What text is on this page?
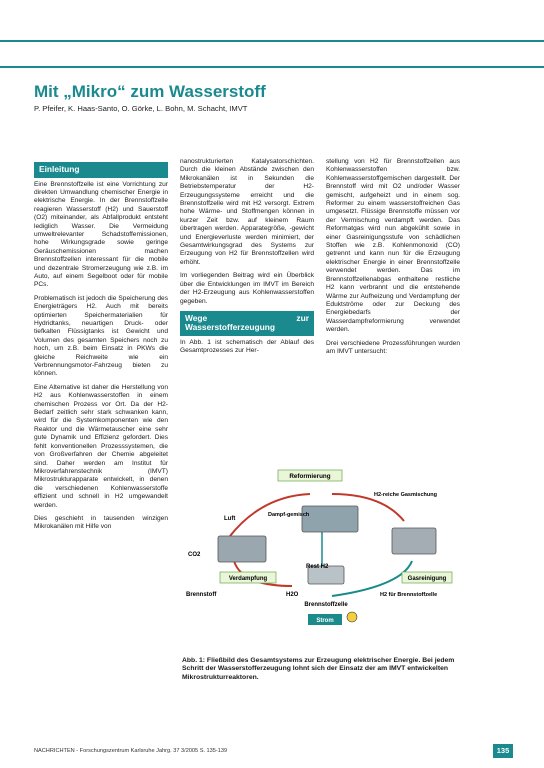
Mit „Mikro“ zum Wasserstoff
P. Pfeifer, K. Haas-Santo, O. Görke, L. Bohn, M. Schacht, IMVT
Einleitung

Eine Brennstoffzelle ist eine Vorrichtung zur direkten Umwandlung chemischer Energie in elektrische Energie. In der Brennstoffzelle reagieren Wasserstoff (H2) und Sauerstoff (O2) miteinander, als Abfallprodukt entsteht lediglich Wasser. Die Vermeidung umweltrelevanter Schadstoffemissionen, hohe Wirkungsgrade sowie geringe Geräuschemissionen machen Brennstoffzellen interessant für die mobile und dezentrale Stromerzeugung wie z.B. im Auto, auf einem Segelboot oder für mobile PCs.

Problematisch ist jedoch die Speicherung des Energieträgers H2. Auch mit bereits optimierten Speichermaterialien für Hydridtanks, neuartigen Druck- oder tiefkalten Flüssigtanks ist Gewicht und Volumen des gesamten Speichers noch zu hoch, um z.B. beim Einsatz in PKWs die gleiche Reichweite wie ein Verbrennungsmotor-Fahrzeug bieten zu können.

Eine Alternative ist daher die Herstellung von H2 aus Kohlenwasserstoffen in einem chemischen Prozess vor Ort. Da der H2-Bedarf zeitlich sehr stark schwanken kann, wird für die Systemkomponenten wie den Reaktor und die Wärmetauscher eine sehr gute Dynamik und Effizienz gefordert. Dies fehlt konventionellen Prozesssystemen, die von Großverfahren der Chemie abgeleitet sind. Daher werden am Institut für Mikroverfahrenstechnik (IMVT) Mikrostrukturapparate entwickelt, in denen die verschiedenen Kohlenwasserstoffe effizient und schnell in H2 umgewandelt werden.

Dies geschieht in tausenden winzigen Mikrokanälen mit Hilfe von

nanostrukturierten Katalysatorschichten. Durch die kleinen Abstände zwischen den Mikrokanälen ist in Sekunden die Betriebstemperatur der H2-Erzeugungssysteme erreicht und die Brennstoffzelle wird mit H2 versorgt. Extrem hohe Wärme- und Stoffmengen können in kurzer Zeit bzw. auf kleinem Raum übertragen werden. Apparategröße, -gewicht und Energieverluste werden minimiert, der Gesamtwirkungsgrad des Systems zur Erzeugung von H2 für Brennstoffzellen wird erhöht.

Im vorliegenden Beitrag wird ein Überblick über die Entwicklungen im IMVT im Bereich der H2-Erzeugung aus Kohlenwasserstoffen gegeben.

Wege zur Wasserstofferzeugung

In Abb. 1 ist schematisch der Ablauf des Gesamtprozesses zur Her-

stellung von H2 für Brennstoffzellen aus Kohlenwasserstoffen bzw. Kohlenwasserstoffgemischen dargestellt. Der Brennstoff wird mit O2 und/oder Wasser gemischt, aufgeheizt und in einem sog. Reformer zu einem wasserstoffreichen Gas umgesetzt. Flüssige Brennstoffe müssen vor der Vermischung verdampft werden. Das Reformatgas wird nun abgekühlt sowie in einer Gasreinigungsstufe von schädlichen Stoffen wie z.B. Kohlenmonoxid (CO) getrennt und kann nun für die Erzeugung elektrischer Energie in einer Brennstoffzelle verwendet werden. Das im Brennstoffzellenabgas enthaltene restliche H2 kann verbrannt und die entstehende Wärme zur Aufheizung und Verdampfung der Eduktströme oder zur Deckung des Energiebedarfs der Wasserdampfreformierung verwendet werden.

Drei verschiedene Prozessführungen wurden am IMVT untersucht:

Reformierung
Luft
Dampf-gemisch
H2-reiche Gasmischung
CO2
Verdampfung
Rest H2
Gasreinigung
Brennstoff	H2O	H2 für Brennstoffzelle
Brennstoffzelle
Strom
Abb. 1: Fließbild des Gesamtsystems zur Erzeugung elektrischer Energie. Bei jedem Schritt der Wasserstofferzeugung lohnt sich der Einsatz der am IMVT entwickelten Mikrostrukturreaktoren.
NACHRICHTEN - Forschungszentrum Karlsruhe Jahrg. 37 3/2005 S. 135-139	135
